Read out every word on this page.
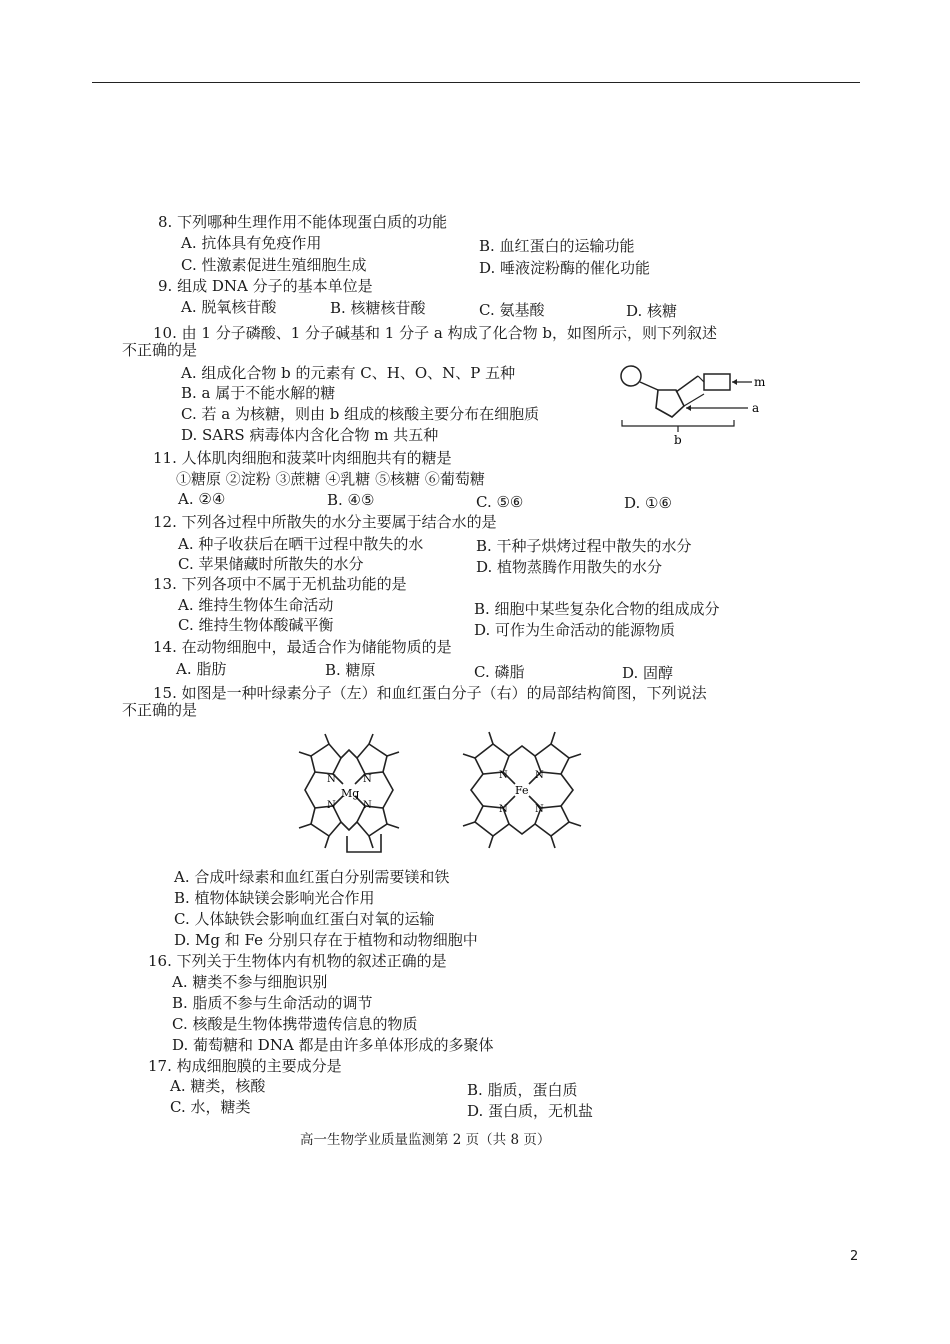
8. 下列哪种生理作用不能体现蛋白质的功能
A. 抗体具有免疫作用	B. 血红蛋白的运输功能
C. 性激素促进生殖细胞生成	D. 唾液淀粉酶的催化功能
9. 组成 DNA 分子的基本单位是
A. 脱氧核苷酸	B. 核糖核苷酸	C. 氨基酸	D. 核糖
10. 由 1 分子磷酸、1 分子碱基和 1 分子 a 构成了化合物 b，如图所示，则下列叙述
不正确的是
A. 组成化合物 b 的元素有 C、H、O、N、P 五种
B. a 属于不能水解的糖
C. 若 a 为核糖，则由 b 组成的核酸主要分布在细胞质
D. SARS 病毒体内含化合物 m 共五种
m
a
b
11. 人体肌肉细胞和菠菜叶肉细胞共有的糖是
①糖原 ②淀粉 ③蔗糖 ④乳糖 ⑤核糖 ⑥葡萄糖
A. ②④	B. ④⑤	C. ⑤⑥	D. ①⑥
12. 下列各过程中所散失的水分主要属于结合水的是
A. 种子收获后在晒干过程中散失的水	B. 干种子烘烤过程中散失的水分
C. 苹果储藏时所散失的水分	D. 植物蒸腾作用散失的水分
13. 下列各项中不属于无机盐功能的是
A. 维持生物体生命活动	B. 细胞中某些复杂化合物的组成成分
C. 维持生物体酸碱平衡	D. 可作为生命活动的能源物质
14. 在动物细胞中，最适合作为储能物质的是
A. 脂肪	B. 糖原	C. 磷脂	D. 固醇
15. 如图是一种叶绿素分子（左）和血红蛋白分子（右）的局部结构简图，下列说法
不正确的是
N	N
N	N
Mg
N	N
N	N
Fe
A. 合成叶绿素和血红蛋白分别需要镁和铁
B. 植物体缺镁会影响光合作用
C. 人体缺铁会影响血红蛋白对氧的运输
D. Mg 和 Fe 分别只存在于植物和动物细胞中
16. 下列关于生物体内有机物的叙述正确的是
A. 糖类不参与细胞识别
B. 脂质不参与生命活动的调节
C. 核酸是生物体携带遗传信息的物质
D. 葡萄糖和 DNA 都是由许多单体形成的多聚体
17. 构成细胞膜的主要成分是
A. 糖类，核酸	B. 脂质，蛋白质
C. 水，糖类	D. 蛋白质，无机盐
高一生物学业质量监测第 2 页（共 8 页）
2
